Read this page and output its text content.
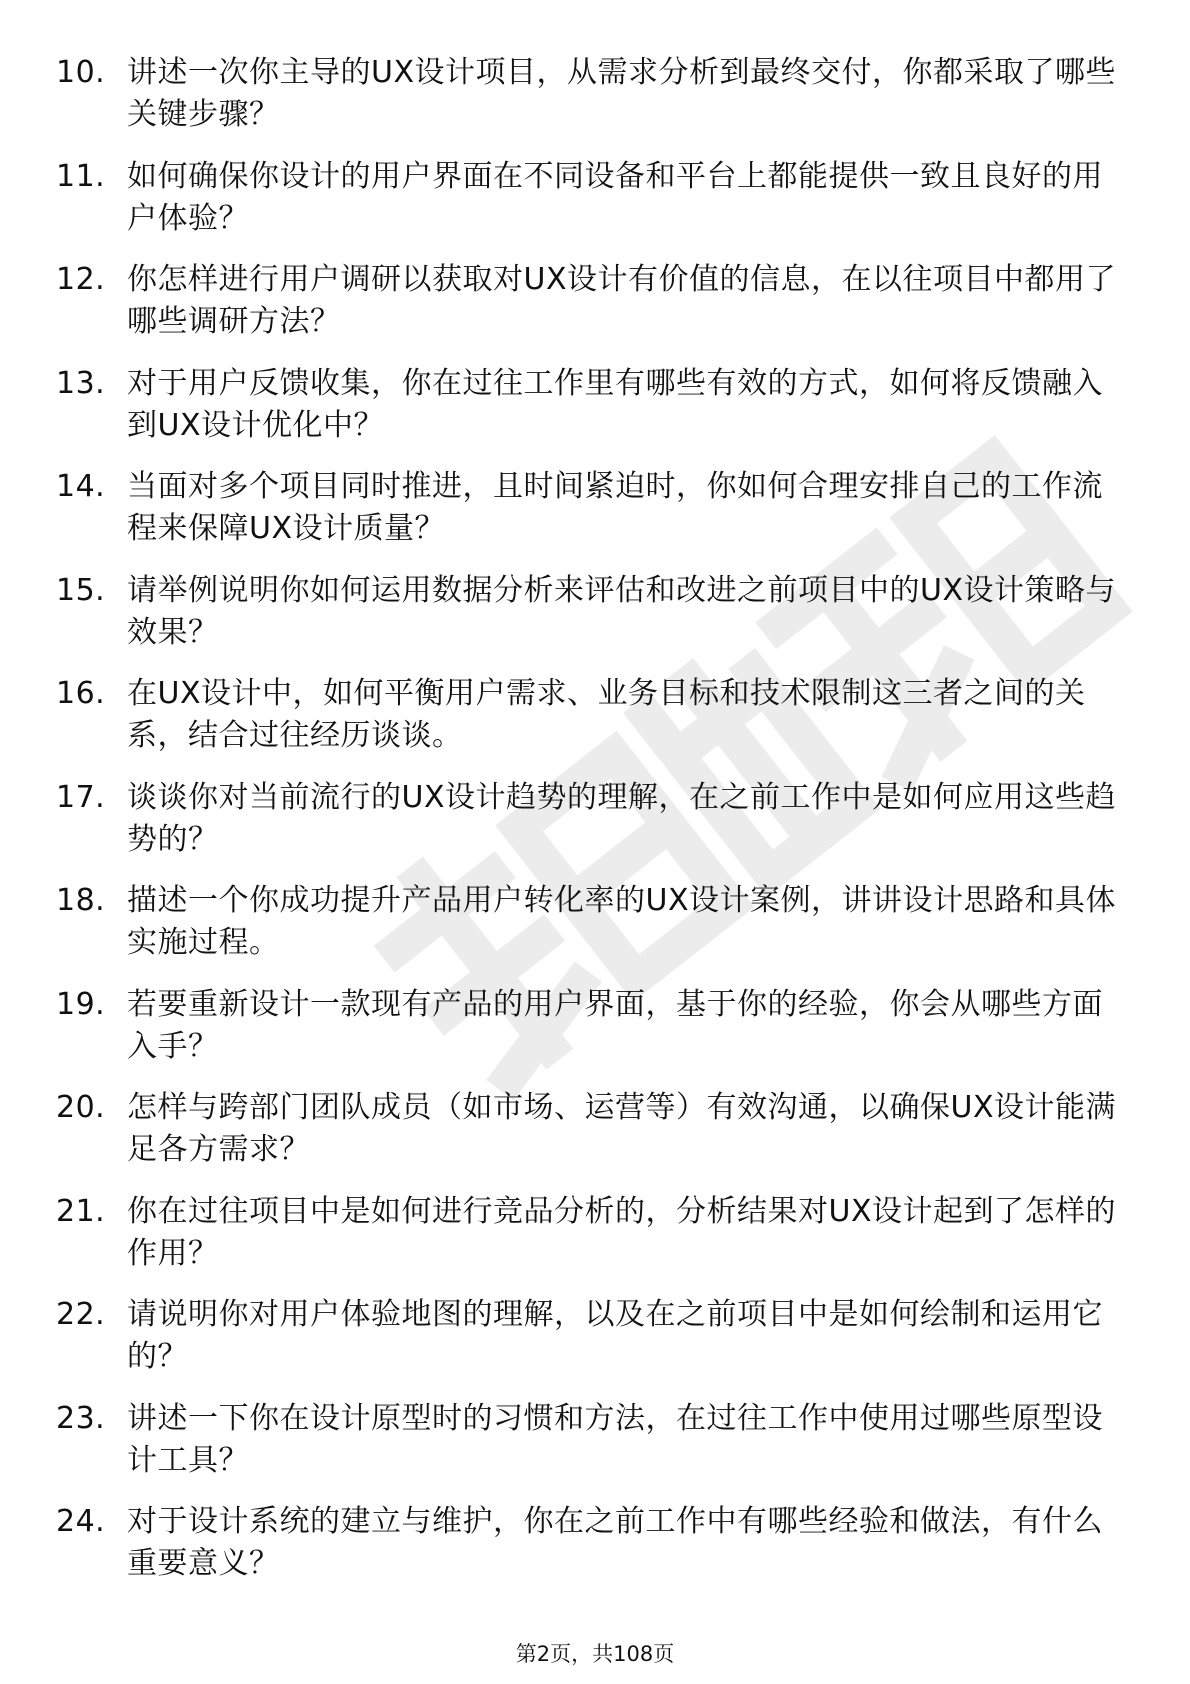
10. 讲述一次你主导的UX设计项目，从需求分析到最终交付，你都采取了哪些关键步骤？
11. 如何确保你设计的用户界面在不同设备和平台上都能提供一致且良好的用户体验？
12. 你怎样进行用户调研以获取对UX设计有价值的信息，在以往项目中都用了哪些调研方法？
13. 对于用户反馈收集，你在过往工作里有哪些有效的方式，如何将反馈融入到UX设计优化中？
14. 当面对多个项目同时推进，且时间紧迫时，你如何合理安排自己的工作流程来保障UX设计质量？
15. 请举例说明你如何运用数据分析来评估和改进之前项目中的UX设计策略与效果？
16. 在UX设计中，如何平衡用户需求、业务目标和技术限制这三者之间的关系，结合过往经历谈谈。
17. 谈谈你对当前流行的UX设计趋势的理解，在之前工作中是如何应用这些趋势的？
18. 描述一个你成功提升产品用户转化率的UX设计案例，讲讲设计思路和具体实施过程。
19. 若要重新设计一款现有产品的用户界面，基于你的经验，你会从哪些方面入手？
20. 怎样与跨部门团队成员（如市场、运营等）有效沟通，以确保UX设计能满足各方需求？
21. 你在过往项目中是如何进行竞品分析的，分析结果对UX设计起到了怎样的作用？
22. 请说明你对用户体验地图的理解，以及在之前项目中是如何绘制和运用它的？
23. 讲述一下你在设计原型时的习惯和方法，在过往工作中使用过哪些原型设计工具？
24. 对于设计系统的建立与维护，你在之前工作中有哪些经验和做法，有什么重要意义？
第2页，共108页
